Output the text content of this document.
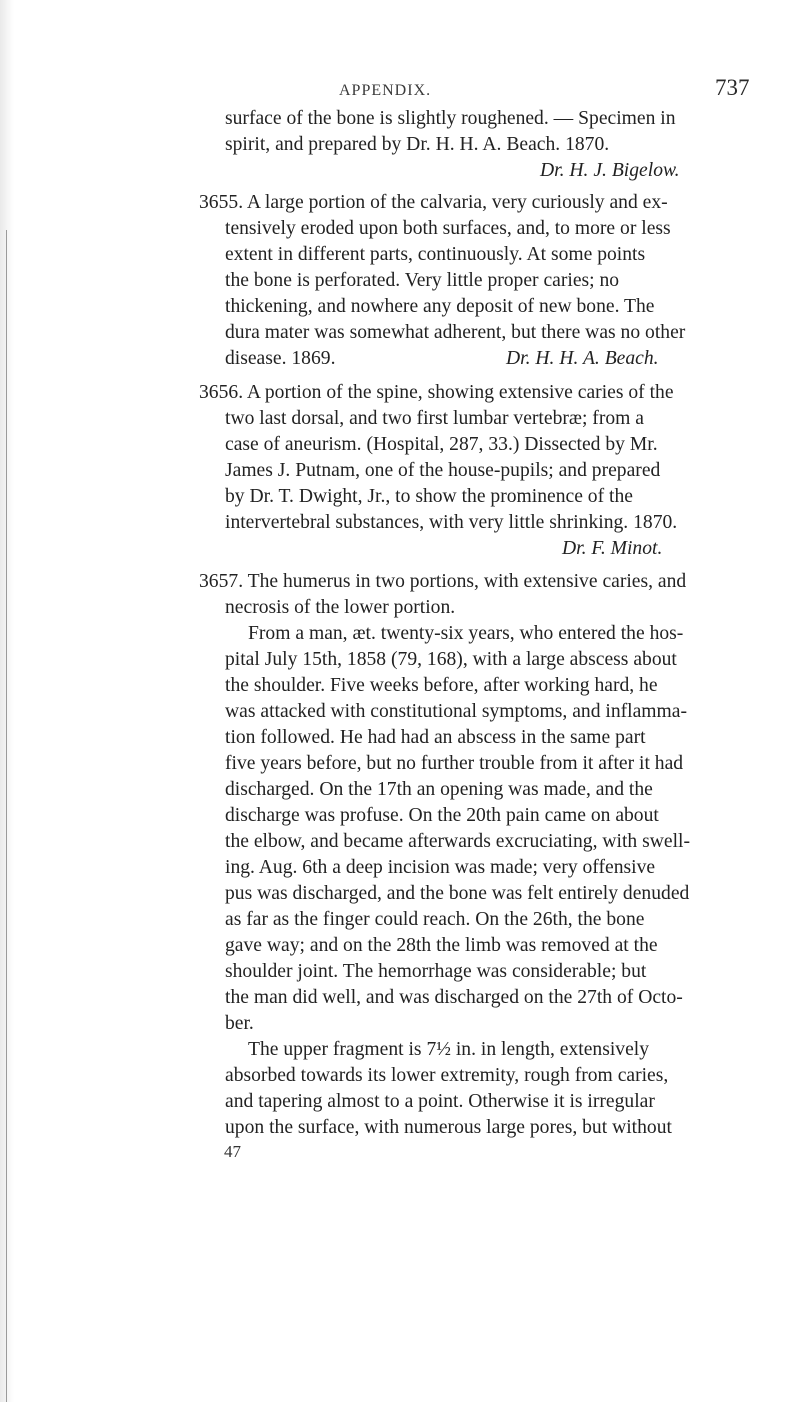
APPENDIX.	737
surface of the bone is slightly roughened. — Specimen in
spirit, and prepared by Dr. H. H. A. Beach. 1870.
Dr. H. J. Bigelow.
3655. A large portion of the calvaria, very curiously and ex-
tensively eroded upon both surfaces, and, to more or less
extent in different parts, continuously. At some points
the bone is perforated. Very little proper caries; no
thickening, and nowhere any deposit of new bone. The
dura mater was somewhat adherent, but there was no other
disease. 1869.	Dr. H. H. A. Beach.
3656. A portion of the spine, showing extensive caries of the
two last dorsal, and two first lumbar vertebræ; from a
case of aneurism. (Hospital, 287, 33.) Dissected by Mr.
James J. Putnam, one of the house-pupils; and prepared
by Dr. T. Dwight, Jr., to show the prominence of the
intervertebral substances, with very little shrinking. 1870.
Dr. F. Minot.
3657. The humerus in two portions, with extensive caries, and
necrosis of the lower portion.
From a man, æt. twenty-six years, who entered the hos-
pital July 15th, 1858 (79, 168), with a large abscess about
the shoulder. Five weeks before, after working hard, he
was attacked with constitutional symptoms, and inflamma-
tion followed. He had had an abscess in the same part
five years before, but no further trouble from it after it had
discharged. On the 17th an opening was made, and the
discharge was profuse. On the 20th pain came on about
the elbow, and became afterwards excruciating, with swell-
ing. Aug. 6th a deep incision was made; very offensive
pus was discharged, and the bone was felt entirely denuded
as far as the finger could reach. On the 26th, the bone
gave way; and on the 28th the limb was removed at the
shoulder joint. The hemorrhage was considerable; but
the man did well, and was discharged on the 27th of Octo-
ber.
The upper fragment is 7½ in. in length, extensively
absorbed towards its lower extremity, rough from caries,
and tapering almost to a point. Otherwise it is irregular
upon the surface, with numerous large pores, but without
47
